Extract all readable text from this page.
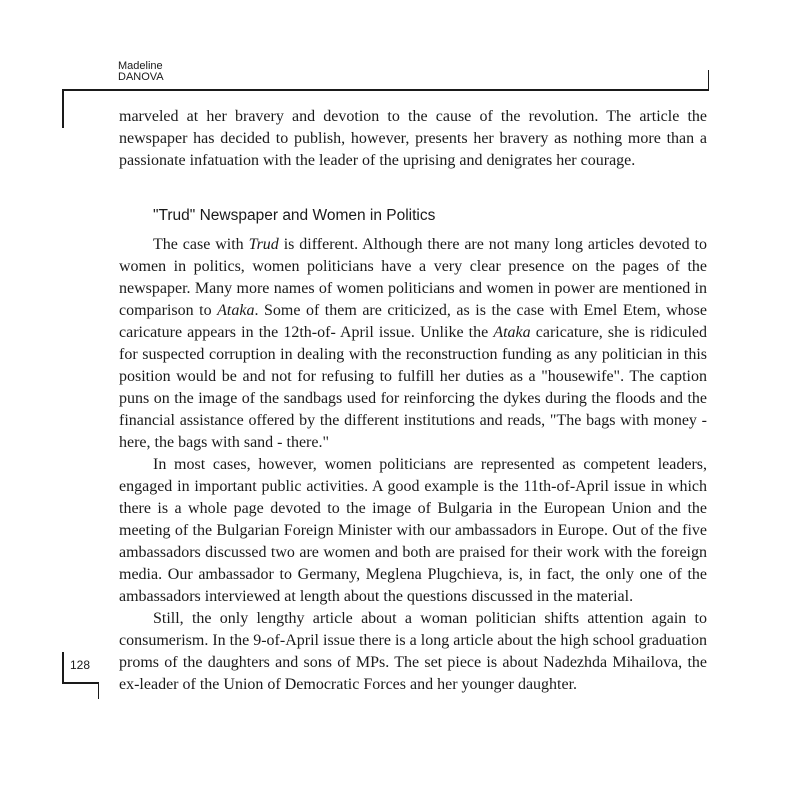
Madeline
DANOVA

marveled at her bravery and devotion to the cause of the revolution. The article the newspaper has decided to publish, however, presents her bravery as nothing more than a passionate infatuation with the leader of the uprising and denigrates her courage.

"Trud" Newspaper and Women in Politics

The case with Trud is different. Although there are not many long articles devoted to women in politics, women politicians have a very clear presence on the pages of the newspaper. Many more names of women politicians and women in power are mentioned in comparison to Ataka. Some of them are criticized, as is the case with Emel Etem, whose caricature appears in the 12th-of- April issue. Unlike the Ataka caricature, she is ridiculed for suspected corruption in dealing with the reconstruction funding as any politician in this position would be and not for refusing to fulfill her duties as a "housewife". The caption puns on the image of the sandbags used for reinforcing the dykes during the floods and the financial assistance offered by the different institutions and reads, "The bags with money - here, the bags with sand - there."

In most cases, however, women politicians are represented as competent leaders, engaged in important public activities. A good example is the 11th-of-April issue in which there is a whole page devoted to the image of Bulgaria in the European Union and the meeting of the Bulgarian Foreign Minister with our ambassadors in Europe. Out of the five ambassadors discussed two are women and both are praised for their work with the foreign media. Our ambassador to Germany, Meglena Plugchieva, is, in fact, the only one of the ambassadors interviewed at length about the questions discussed in the material.

Still, the only lengthy article about a woman politician shifts attention again to consumerism. In the 9-of-April issue there is a long article about the high school graduation proms of the daughters and sons of MPs. The set piece is about Nadezhda Mihailova, the ex-leader of the Union of Democratic Forces and her younger daughter.

128
